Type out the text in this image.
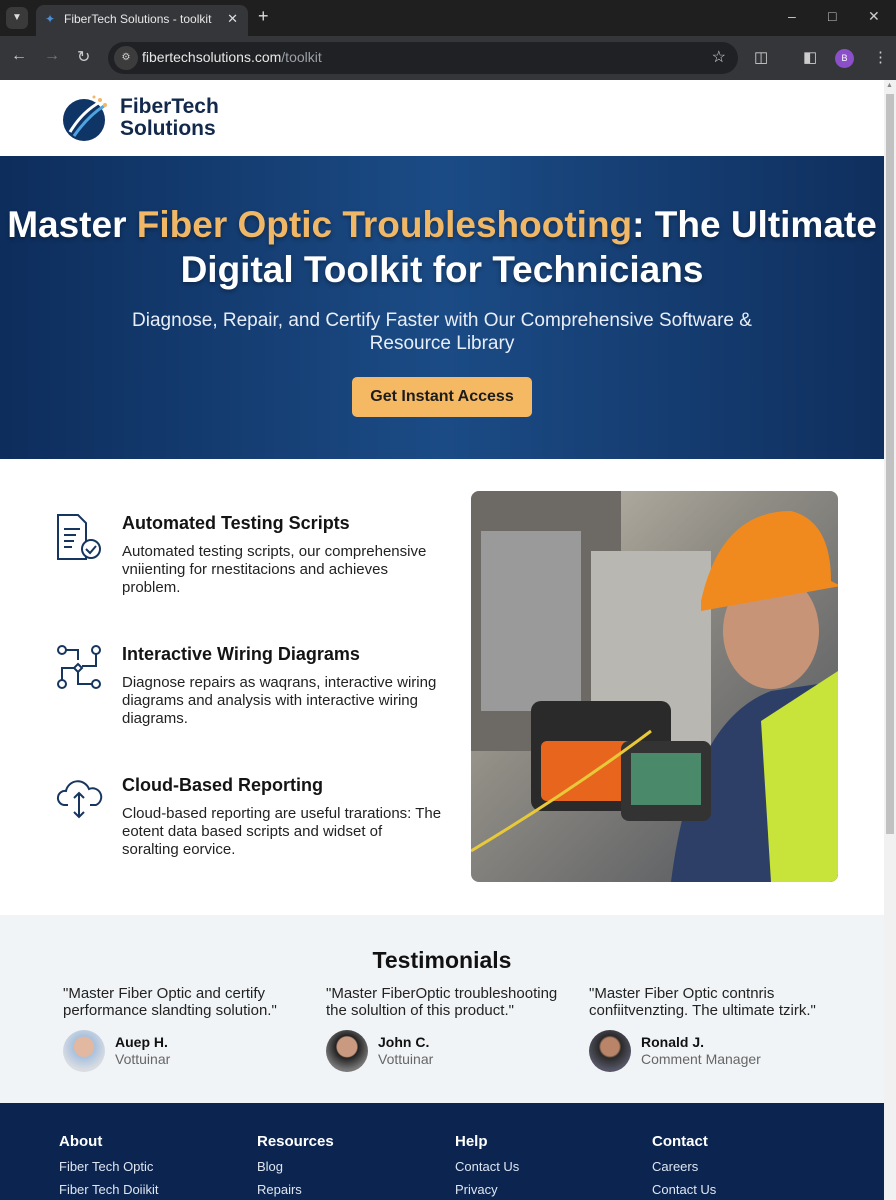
▼	✦ FiberTech Solutions - toolkit ✕ +	– □ ✕
← → ↻	⚙ fibertechsolutions.com/toolkit	☆ ◫ ◧	B	⋮
FiberTech
Solutions
Master Fiber Optic Troubleshooting: The Ultimate Digital Toolkit for Technicians

Diagnose, Repair, and Certify Faster with Our Comprehensive Software & Resource Library

Get Instant Access
Automated Testing Scripts

Automated testing scripts, our comprehensive vniienting for rnestitacions and achieves problem.

Interactive Wiring Diagrams

Diagnose repairs as waqrans, interactive wiring diagrams and analysis with interactive wiring diagrams.

Cloud-Based Reporting

Cloud-based reporting are useful trarations: The eotent data based scripts and widset of soralting eorvice.

Testimonials
"Master Fiber Optic and certify performance slandting solution."
Auep H.
Vottuinar
"Master FiberOptic troubleshooting the solultion of this product."
John C.
Vottuinar
"Master Fiber Optic contnris confiitvenzting. The ultimate tzirk."
Ronald J.
Comment Manager
About
Fiber Tech Optic
Fiber Tech Doiikit
Resources
Blog
Repairs
Help
Contact Us
Privacy
Contact
Careers
Contact Us
▲
